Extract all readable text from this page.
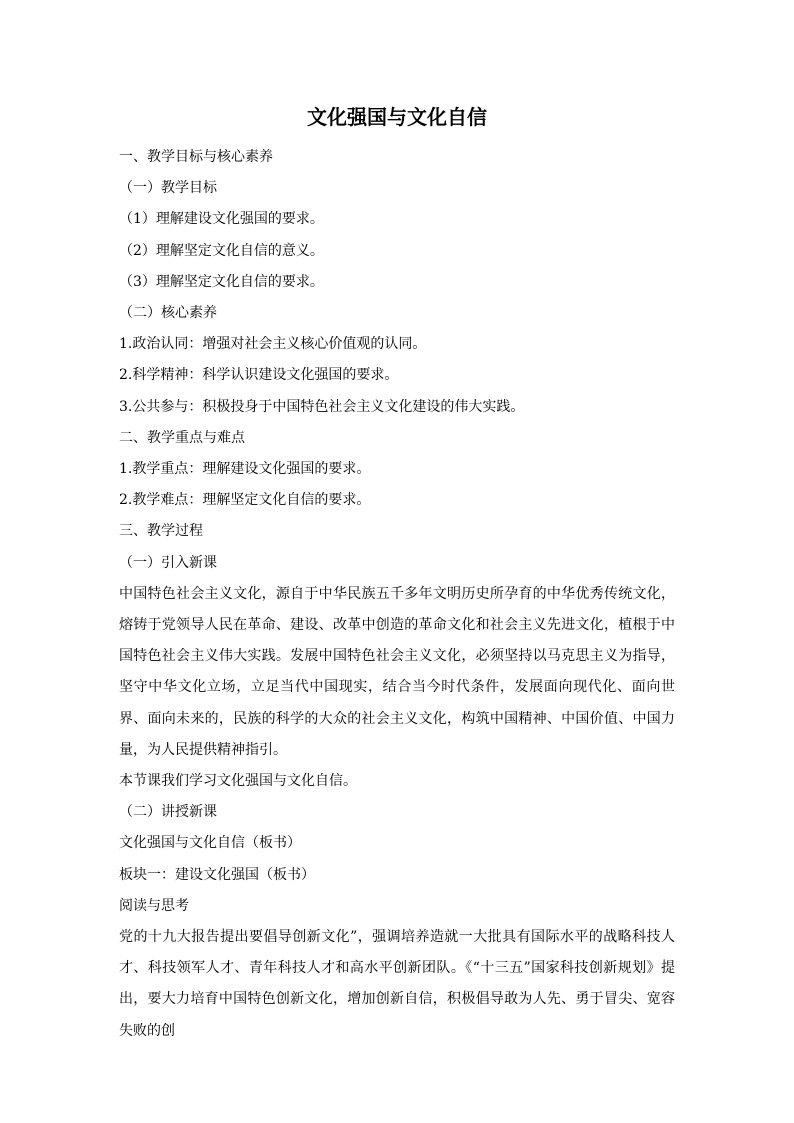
文化强国与文化自信
一、教学目标与核心素养
（一）教学目标
（1）理解建设文化强国的要求。
（2）理解坚定文化自信的意义。
（3）理解坚定文化自信的要求。
（二）核心素养
1.政治认同：增强对社会主义核心价值观的认同。
2.科学精神：科学认识建设文化强国的要求。
3.公共参与：积极投身于中国特色社会主义文化建设的伟大实践。
二、教学重点与难点
1.教学重点：理解建设文化强国的要求。
2.教学难点：理解坚定文化自信的要求。
三、教学过程
（一）引入新课
中国特色社会主义文化，源自于中华民族五千多年文明历史所孕育的中华优秀传统文化，熔铸于党领导人民在革命、建设、改革中创造的革命文化和社会主义先进文化，植根于中国特色社会主义伟大实践。发展中国特色社会主义文化，必须坚持以马克思主义为指导，坚守中华文化立场，立足当代中国现实，结合当今时代条件，发展面向现代化、面向世界、面向未来的，民族的科学的大众的社会主义文化，构筑中国精神、中国价值、中国力量，为人民提供精神指引。
本节课我们学习文化强国与文化自信。
（二）讲授新课
文化强国与文化自信（板书）
板块一：建设文化强国（板书）
阅读与思考
党的十九大报告提出要倡导创新文化”，强调培养造就一大批具有国际水平的战略科技人才、科技领军人才、青年科技人才和高水平创新团队。《“十三五”国家科技创新规划》提出，要大力培育中国特色创新文化，增加创新自信，积极倡导敢为人先、勇于冒尖、宽容失败的创
